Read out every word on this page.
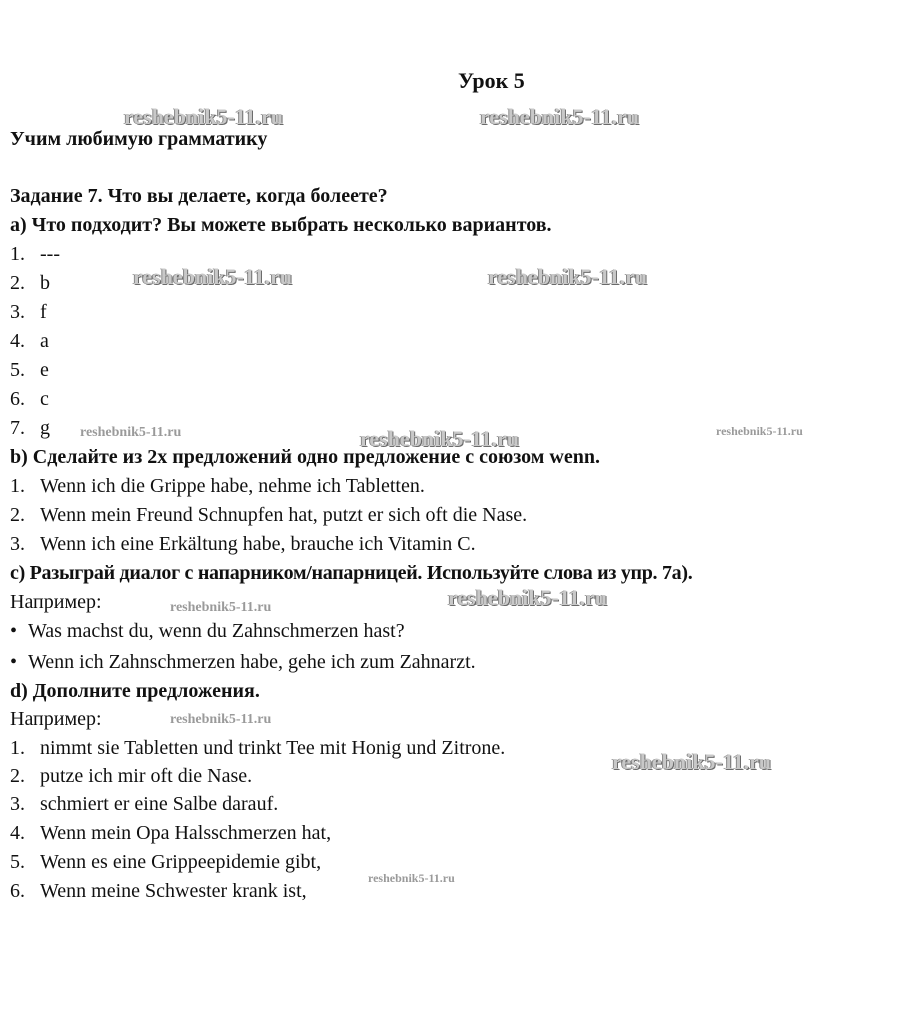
Урок 5
Учим любимую грамматику
Задание 7. Что вы делаете, когда болеете?
а) Что подходит? Вы можете выбрать несколько вариантов.
1. ---
2. b
3. f
4. a
5. e
6. c
7. g
b) Сделайте из 2х предложений одно предложение с союзом wenn.
1. Wenn ich die Grippe habe, nehme ich Tabletten.
2. Wenn mein Freund Schnupfen hat, putzt er sich oft die Nase.
3. Wenn ich eine Erkältung habe, brauche ich Vitamin C.
с) Разыграй диалог с напарником/напарницей. Используйте слова из упр. 7а).
Например:
• Was machst du, wenn du Zahnschmerzen hast?
• Wenn ich Zahnschmerzen habe, gehe ich zum Zahnarzt.
d) Дополните предложения.
Например:
1. nimmt sie Tabletten und trinkt Tee mit Honig und Zitrone.
2. putze ich mir oft die Nase.
3. schmiert er eine Salbe darauf.
4. Wenn mein Opa Halsschmerzen hat,
5. Wenn es eine Grippeepidemie gibt,
6. Wenn meine Schwester krank ist,
reshebnik5-11.ru	reshebnik5-11.ru
reshebnik5-11.ru	reshebnik5-11.ru
reshebnik5-11.ru	reshebnik5-11.ru	reshebnik5-11.ru
reshebnik5-11.ru	reshebnik5-11.ru
reshebnik5-11.ru
reshebnik5-11.ru
reshebnik5-11.ru
